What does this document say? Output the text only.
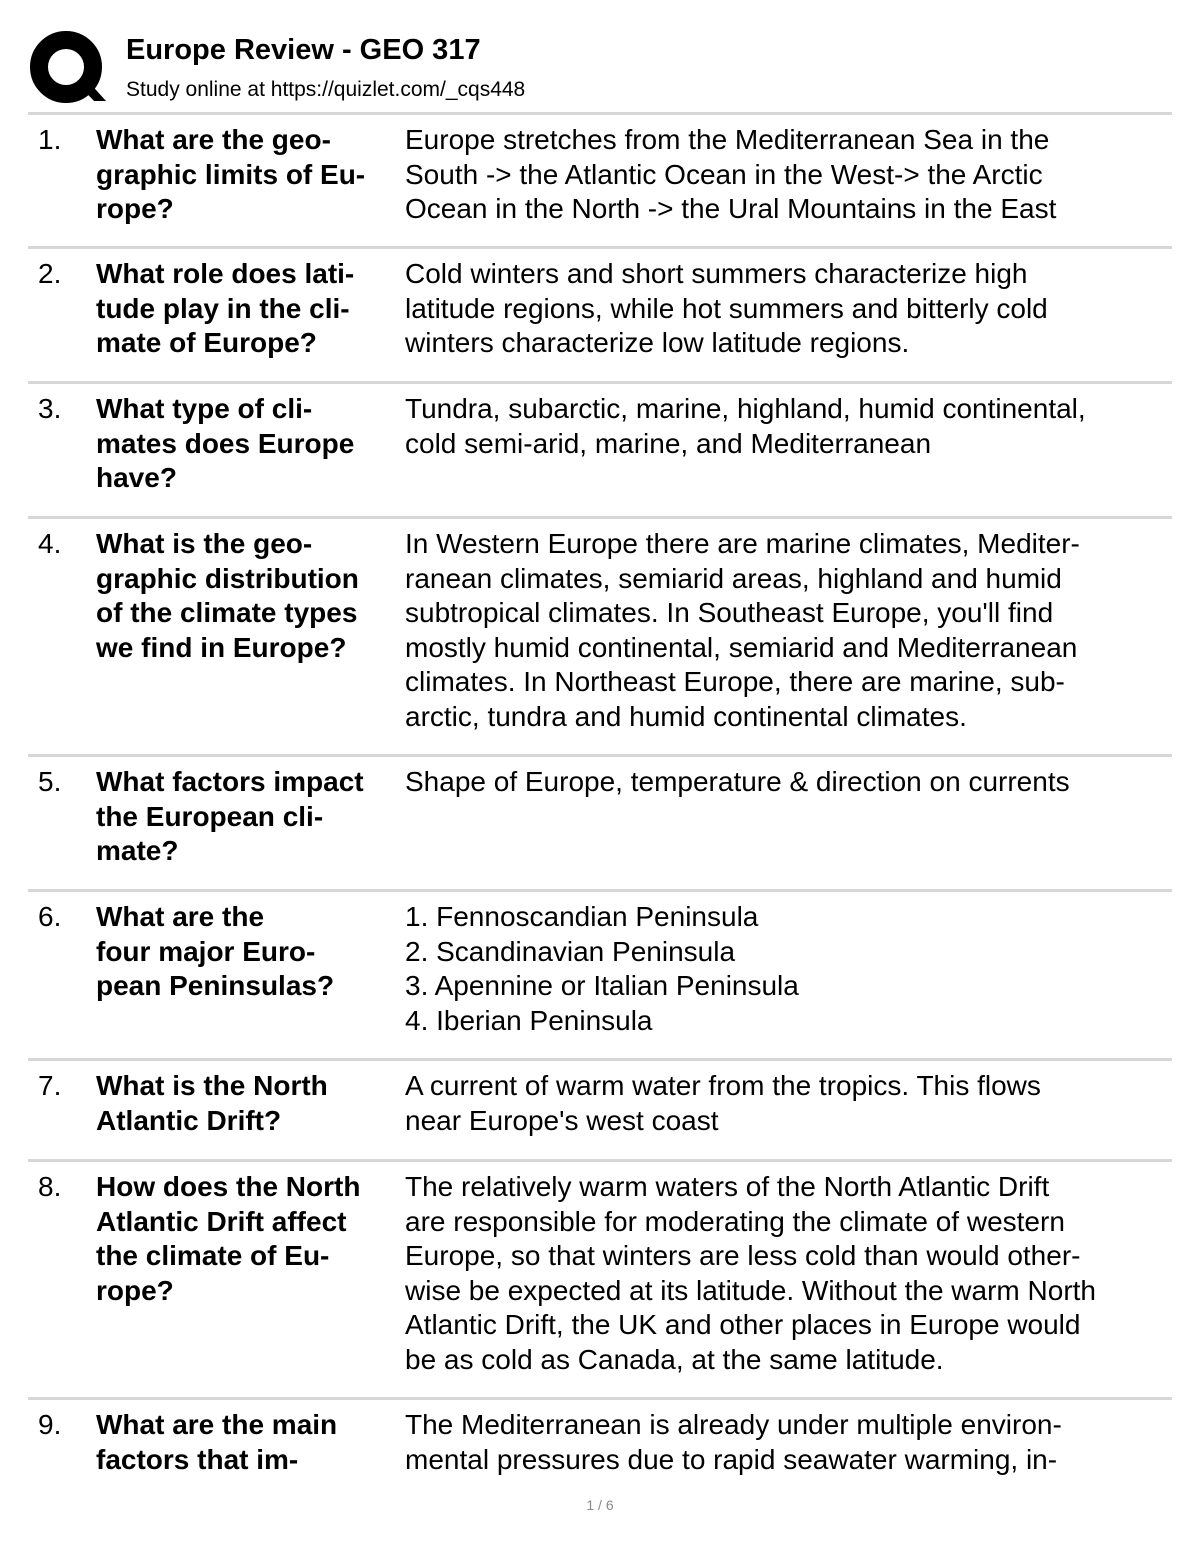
Europe Review - GEO 317
Study online at https://quizlet.com/_cqs448
1. What are the geo-
graphic limits of Eu-
rope?
Europe stretches from the Mediterranean Sea in the
South -> the Atlantic Ocean in the West-> the Arctic
Ocean in the North -> the Ural Mountains in the East
2. What role does lati-
tude play in the cli-
mate of Europe?
Cold winters and short summers characterize high
latitude regions, while hot summers and bitterly cold
winters characterize low latitude regions.
3. What type of cli-
mates does Europe
have?
Tundra, subarctic, marine, highland, humid continental,
cold semi-arid, marine, and Mediterranean
4. What is the geo-
graphic distribution
of the climate types
we find in Europe?
In Western Europe there are marine climates, Mediter-
ranean climates, semiarid areas, highland and humid
subtropical climates. In Southeast Europe, you'll find
mostly humid continental, semiarid and Mediterranean
climates. In Northeast Europe, there are marine, sub-
arctic, tundra and humid continental climates.
5. What factors impact
the European cli-
mate?
Shape of Europe, temperature & direction on currents
6. What are the
four major Euro-
pean Peninsulas?
1. Fennoscandian Peninsula
2. Scandinavian Peninsula
3. Apennine or Italian Peninsula
4. Iberian Peninsula
7. What is the North
Atlantic Drift?
A current of warm water from the tropics. This flows
near Europe's west coast
8. How does the North
Atlantic Drift affect
the climate of Eu-
rope?
The relatively warm waters of the North Atlantic Drift
are responsible for moderating the climate of western
Europe, so that winters are less cold than would other-
wise be expected at its latitude. Without the warm North
Atlantic Drift, the UK and other places in Europe would
be as cold as Canada, at the same latitude.
9. What are the main
factors that im-
The Mediterranean is already under multiple environ-
mental pressures due to rapid seawater warming, in-
1 / 6
